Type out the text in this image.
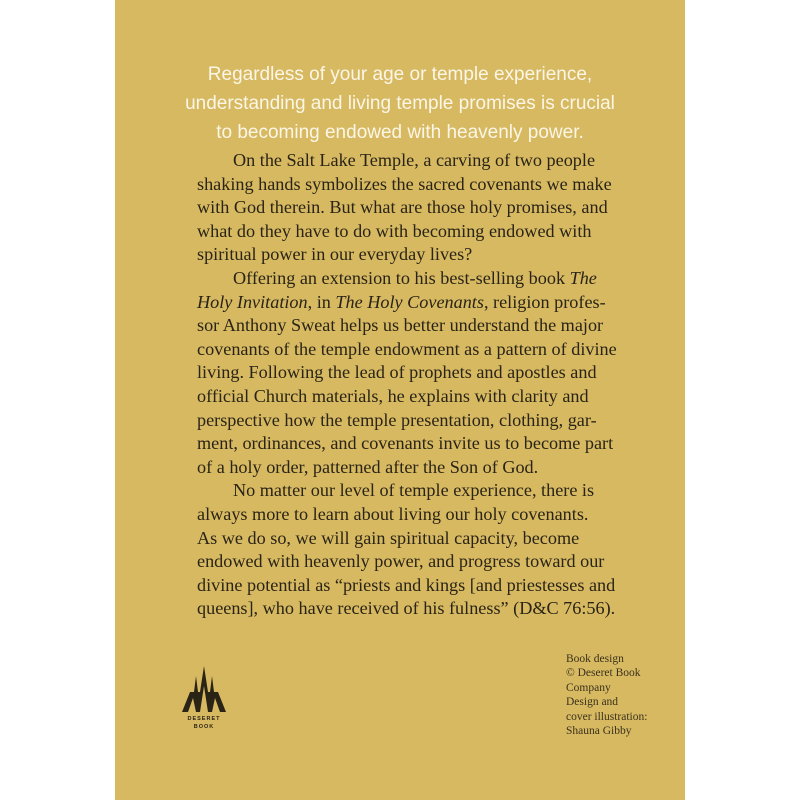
Regardless of your age or temple experience,
understanding and living temple promises is crucial
to becoming endowed with heavenly power.

On the Salt Lake Temple, a carving of two people
shaking hands symbolizes the sacred covenants we make
with God therein. But what are those holy promises, and
what do they have to do with becoming endowed with
spiritual power in our everyday lives?

Offering an extension to his best-selling book The
Holy Invitation, in The Holy Covenants, religion profes-
sor Anthony Sweat helps us better understand the major
covenants of the temple endowment as a pattern of divine
living. Following the lead of prophets and apostles and
official Church materials, he explains with clarity and
perspective how the temple presentation, clothing, gar-
ment, ordinances, and covenants invite us to become part
of a holy order, patterned after the Son of God.

No matter our level of temple experience, there is
always more to learn about living our holy covenants.
As we do so, we will gain spiritual capacity, become
endowed with heavenly power, and progress toward our
divine potential as “priests and kings [and priestesses and
queens], who have received of his fulness” (D&C 76:56).

DESERET
BOOK
Book design
© Deseret Book
Company
Design and
cover illustration:
Shauna Gibby
